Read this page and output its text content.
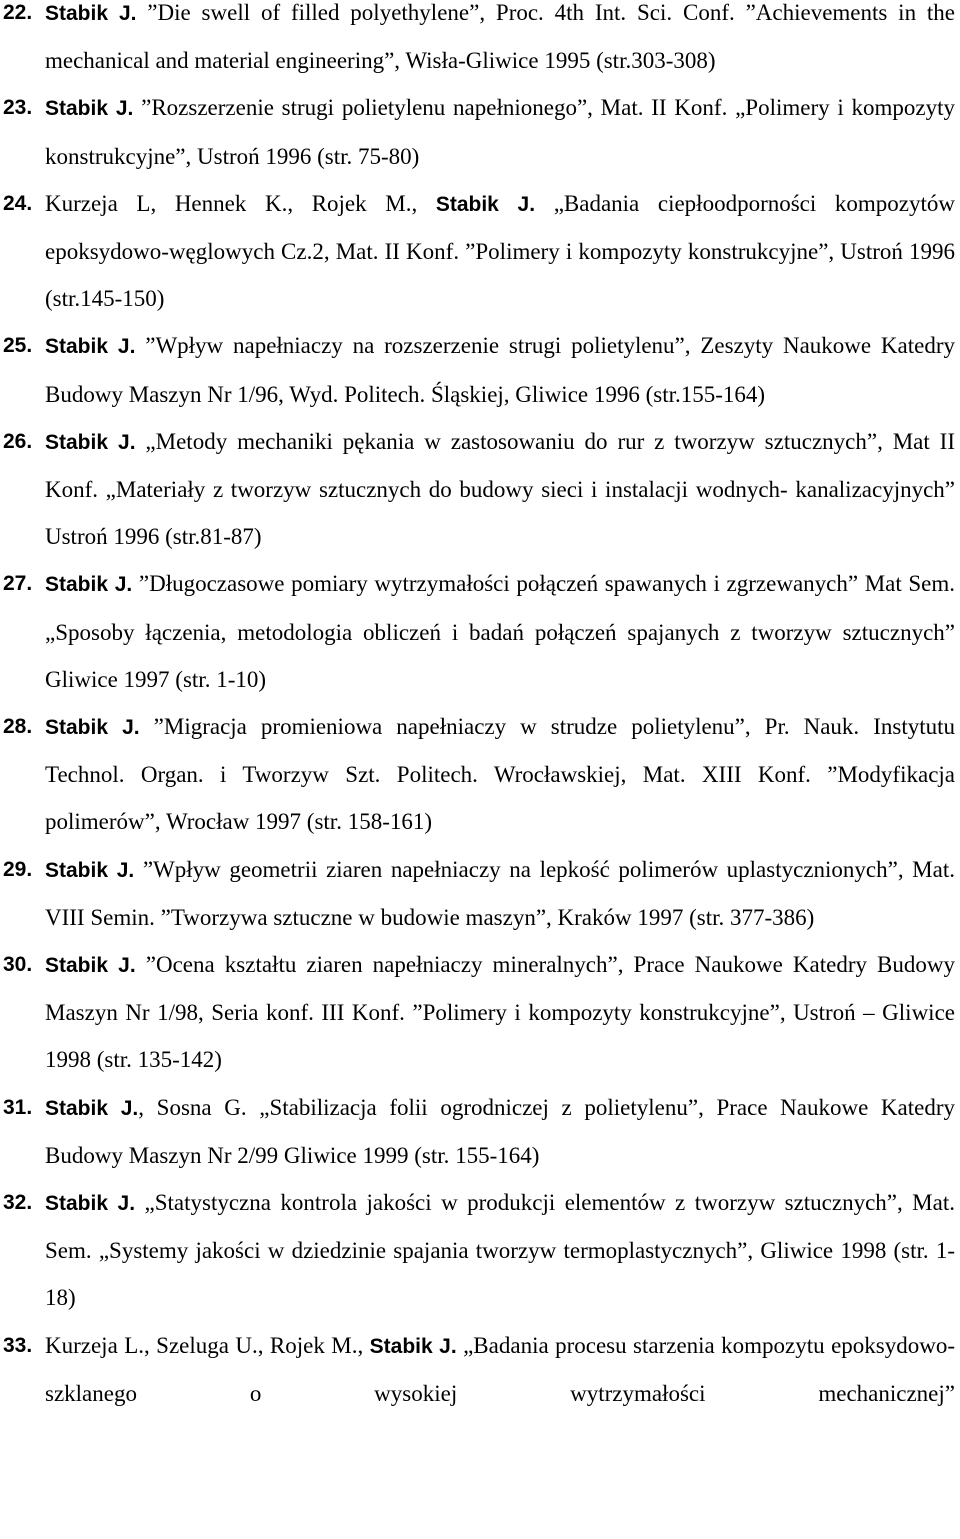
22. Stabik J. ”Die swell of filled polyethylene”, Proc. 4th Int. Sci. Conf. ”Achievements in the mechanical and material engineering”, Wisła-Gliwice 1995 (str.303-308)
23. Stabik J. ”Rozszerzenie strugi polietylenu napełnionego”, Mat. II Konf. „Polimery i kompozyty konstrukcyjne”, Ustroń 1996 (str. 75-80)
24. Kurzeja L, Hennek K., Rojek M., Stabik J. „Badania ciepłoodporności kompozytów epoksydowo-węglowych Cz.2, Mat. II Konf. ”Polimery i kompozyty konstrukcyjne”, Ustroń 1996 (str.145-150)
25. Stabik J. ”Wpływ napełniaczy na rozszerzenie strugi polietylenu”, Zeszyty Naukowe Katedry Budowy Maszyn Nr 1/96, Wyd. Politech. Śląskiej, Gliwice 1996 (str.155-164)
26. Stabik J. „Metody mechaniki pękania w zastosowaniu do rur z tworzyw sztucznych”, Mat II Konf. „Materiały z tworzyw sztucznych do budowy sieci i instalacji wodnych- kanalizacyjnych” Ustroń 1996 (str.81-87)
27. Stabik J. ”Długoczasowe pomiary wytrzymałości połączeń spawanych i zgrzewanych” Mat Sem. „Sposoby łączenia, metodologia obliczeń i badań połączeń spajanych z tworzyw sztucznych” Gliwice 1997 (str. 1-10)
28. Stabik J. ”Migracja promieniowa napełniaczy w strudze polietylenu”, Pr. Nauk. Instytutu Technol. Organ. i Tworzyw Szt. Politech. Wrocławskiej, Mat. XIII Konf. ”Modyfikacja polimerów”, Wrocław 1997 (str. 158-161)
29. Stabik J. ”Wpływ geometrii ziaren napełniaczy na lepkość polimerów uplastycznionych”, Mat. VIII Semin. ”Tworzywa sztuczne w budowie maszyn”, Kraków 1997 (str. 377-386)
30. Stabik J. ”Ocena kształtu ziaren napełniaczy mineralnych”, Prace Naukowe Katedry Budowy Maszyn Nr 1/98, Seria konf. III Konf. ”Polimery i kompozyty konstrukcyjne”, Ustroń – Gliwice 1998 (str. 135-142)
31. Stabik J., Sosna G. „Stabilizacja folii ogrodniczej z polietylenu”, Prace Naukowe Katedry Budowy Maszyn Nr 2/99 Gliwice 1999 (str. 155-164)
32. Stabik J. „Statystyczna kontrola jakości w produkcji elementów z tworzyw sztucznych”, Mat. Sem. „Systemy jakości w dziedzinie spajania tworzyw termoplastycznych”, Gliwice 1998 (str. 1-18)
33. Kurzeja L., Szeluga U., Rojek M., Stabik J. „Badania procesu starzenia kompozytu epoksydowo-szklanego o wysokiej wytrzymałości mechanicznej”
